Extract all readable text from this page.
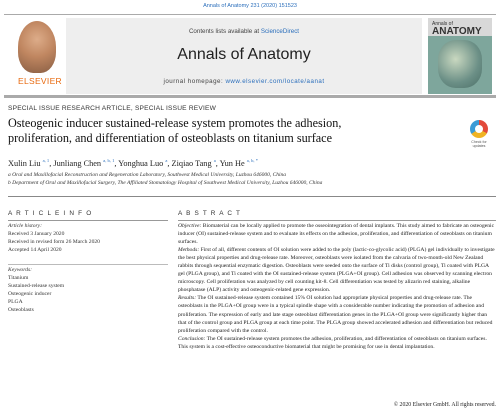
Annals of Anatomy 231 (2020) 151523
ELSEVIER
Contents lists available at ScienceDirect
Annals of Anatomy
journal homepage: www.elsevier.com/locate/aanat
Annals of
ANATOMY
SPECIAL ISSUE RESEARCH ARTICLE, SPECIAL ISSUE REVIEW
Osteogenic inducer sustained-release system promotes the adhesion,
proliferation, and differentiation of osteoblasts on titanium surface	Check for updates
Xulin Liu $^{a, 1}$, Junliang Chen $^{a, b, 1}$, Yonghua Luo $^a$, Ziqiao Tang $^a$, Yun He $^{a, b, *}$
a Oral and Maxillofacial Reconstruction and Regeneration Laboratory, Southwest Medical University, Luzhou 646000, China
b Department of Oral and Maxillofacial Surgery, The Affiliated Stomatology Hospital of Southwest Medical University, Luzhou 646000, China
A R T I C L E I N F O	A B S T R A C T
Article history:
Received 3 January 2020
Received in revised form 26 March 2020
Accepted 14 April 2020
Keywords:
Titanium
Sustained-release system
Osteogenic inducer
PLGA
Osteoblasts

Objective: Biomaterial can be locally applied to promote the osseointegration of dental implants. This study aimed to fabricate an osteogenic inducer (OI) sustained-release system and to evaluate its effects on the adhesion, proliferation, and differentiation of osteoblasts on titanium surfaces.

Methods: First of all, different contents of OI solution were added to the poly (lactic-co-glycolic acid) (PLGA) gel individually to investigate the best physical properties and drug-release rate. Moreover, osteoblasts were isolated from the calvaria of two-month-old New Zealand rabbits through sequential enzymatic digestion. Osteoblasts were seeded onto the surface of Ti disks (control group), Ti coated with PLGA gel (PLGA group), and Ti coated with the OI sustained-release system (PLGA+OI group). Cell adhesion was observed by scanning electron microscopy. Cell proliferation was analyzed by cell counting kit-8. Cell differentiation was tested by alizarin red staining, alkaline phosphatase (ALP) activity and osteogenic-related gene expression.

Results: The OI sustained-release system contained 15% OI solution had appropriate physical properties and drug-release rate. The osteoblasts in the PLGA+OI group were in a typical spindle shape with a considerable number indicating the promotion of adhesion and proliferation. The expression of early and late stage osteoblast differentiation genes in the PLGA+OI group were significantly higher than that of the control group and PLGA group at each time point. The PLGA group showed accelerated adhesion and differentiation but reduced proliferation compared with the control.

Conclusion: The OI sustained-release system promotes the adhesion, proliferation, and differentiation of osteoblasts on titanium surfaces. This system is a cost-effective osteoconductive biomaterial that might be promising for use in dental implantation.

© 2020 Elsevier GmbH. All rights reserved.
